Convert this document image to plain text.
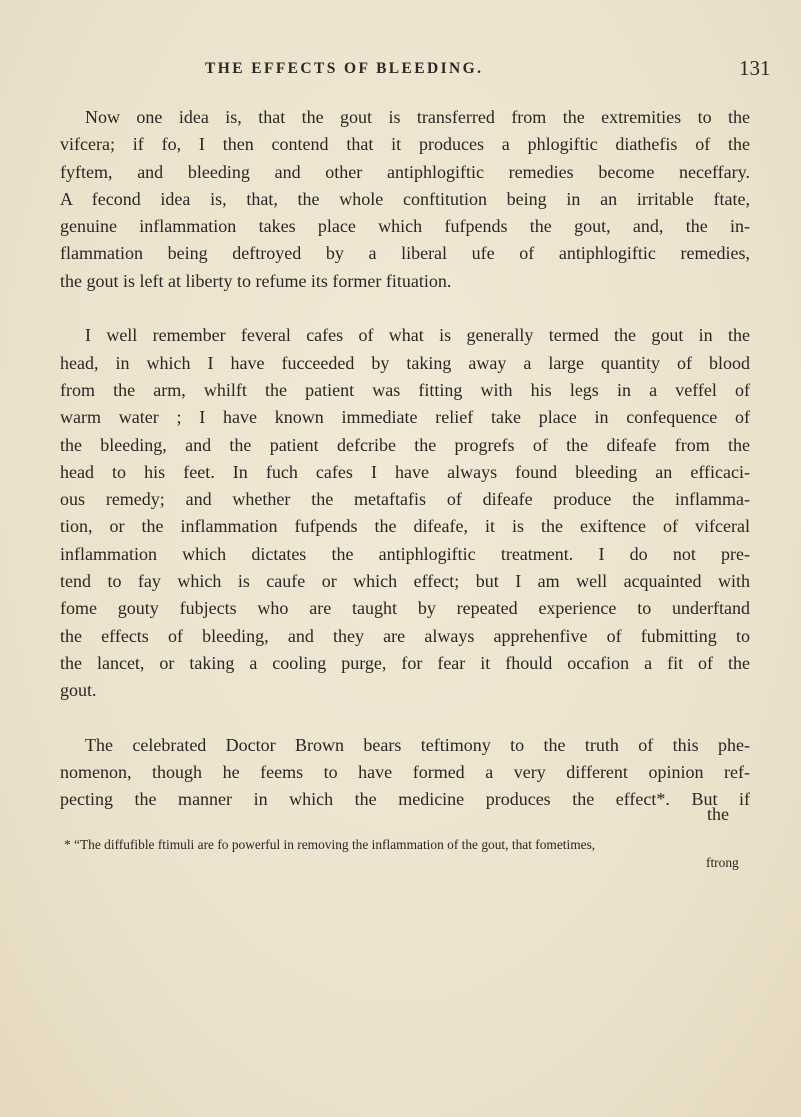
THE EFFECTS OF BLEEDING.	131
Now one idea is, that the gout is transferred from the extremities to the
vifcera; if fo, I then contend that it produces a phlogiftic diathefis of the
fyftem, and bleeding and other antiphlogiftic remedies become neceffary.
A fecond idea is, that, the whole conftitution being in an irritable ftate,
genuine inflammation takes place which fufpends the gout, and, the in-
flammation being deftroyed by a liberal ufe of antiphlogiftic remedies,
the gout is left at liberty to refume its former fituation.
I well remember feveral cafes of what is generally termed the gout in the
head, in which I have fucceeded by taking away a large quantity of blood
from the arm, whilft the patient was fitting with his legs in a veffel of
warm water ; I have known immediate relief take place in confequence of
the bleeding, and the patient defcribe the progrefs of the difeafe from the
head to his feet. In fuch cafes I have always found bleeding an efficaci-
ous remedy; and whether the metaftafis of difeafe produce the inflamma-
tion, or the inflammation fufpends the difeafe, it is the exiftence of vifceral
inflammation which dictates the antiphlogiftic treatment. I do not pre-
tend to fay which is caufe or which effect; but I am well acquainted with
fome gouty fubjects who are taught by repeated experience to underftand
the effects of bleeding, and they are always apprehenfive of fubmitting to
the lancet, or taking a cooling purge, for fear it fhould occafion a fit of the
gout.
The celebrated Doctor Brown bears teftimony to the truth of this phe-
nomenon, though he feems to have formed a very different opinion ref-
pecting the manner in which the medicine produces the effect*. But if
the
* “The diffufible ftimuli are fo powerful in removing the inflammation of the gout, that fometimes,
ftrong
